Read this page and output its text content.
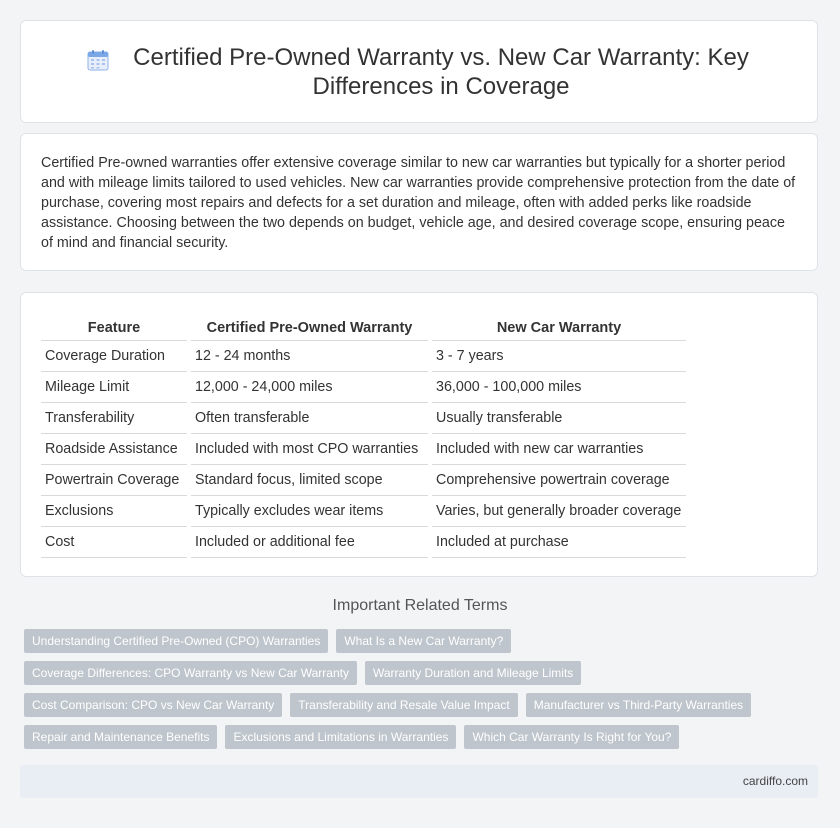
Certified Pre-Owned Warranty vs. New Car Warranty: Key Differences in Coverage

Certified Pre-owned warranties offer extensive coverage similar to new car warranties but typically for a shorter period and with mileage limits tailored to used vehicles. New car warranties provide comprehensive protection from the date of purchase, covering most repairs and defects for a set duration and mileage, often with added perks like roadside assistance. Choosing between the two depends on budget, vehicle age, and desired coverage scope, ensuring peace of mind and financial security.

Feature	Certified Pre-Owned Warranty	New Car Warranty
Coverage Duration	12 - 24 months	3 - 7 years
Mileage Limit	12,000 - 24,000 miles	36,000 - 100,000 miles
Transferability	Often transferable	Usually transferable
Roadside Assistance	Included with most CPO warranties	Included with new car warranties
Powertrain Coverage	Standard focus, limited scope	Comprehensive powertrain coverage
Exclusions	Typically excludes wear items	Varies, but generally broader coverage
Cost	Included or additional fee	Included at purchase
Important Related Terms
Understanding Certified Pre-Owned (CPO) Warranties	What Is a New Car Warranty?
Coverage Differences: CPO Warranty vs New Car Warranty	Warranty Duration and Mileage Limits
Cost Comparison: CPO vs New Car Warranty	Transferability and Resale Value Impact	Manufacturer vs Third-Party Warranties
Repair and Maintenance Benefits	Exclusions and Limitations in Warranties	Which Car Warranty Is Right for You?
cardiffo.com
